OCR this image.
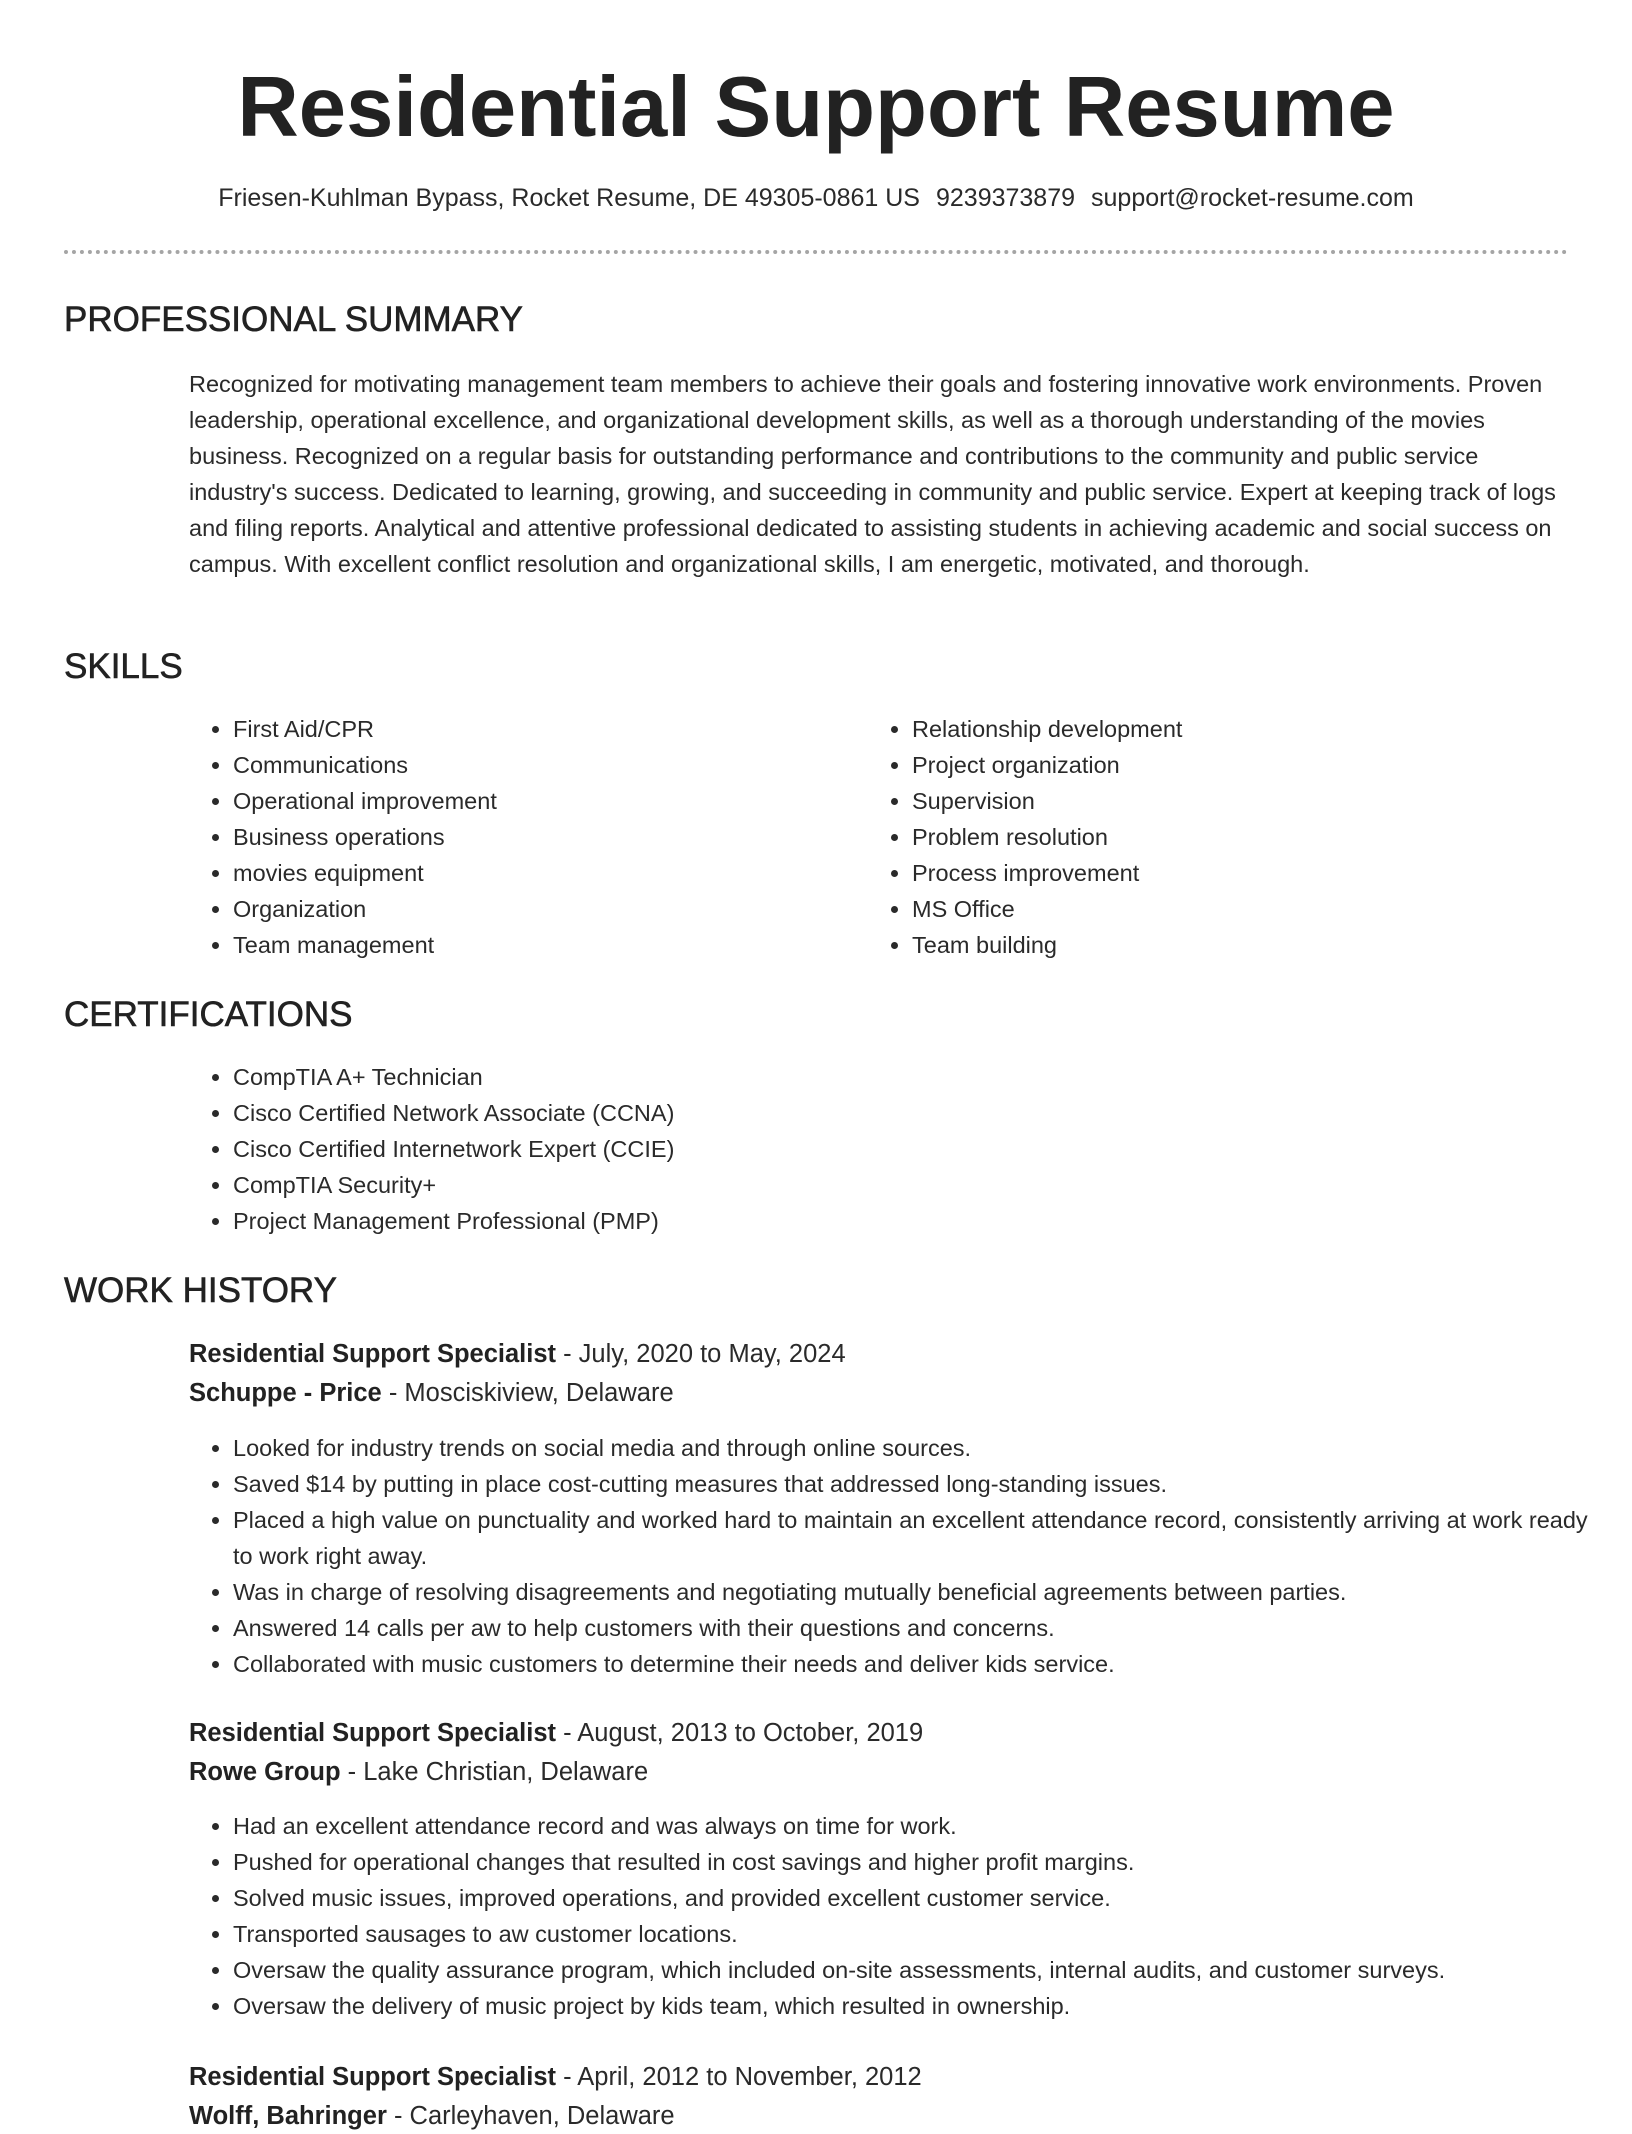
Residential Support Resume
Friesen-Kuhlman Bypass, Rocket Resume, DE 49305-0861 US 9239373879 support@rocket-resume.com
PROFESSIONAL SUMMARY
Recognized for motivating management team members to achieve their goals and fostering innovative work environments. Proven leadership, operational excellence, and organizational development skills, as well as a thorough understanding of the movies business. Recognized on a regular basis for outstanding performance and contributions to the community and public service industry's success. Dedicated to learning, growing, and succeeding in community and public service. Expert at keeping track of logs and filing reports. Analytical and attentive professional dedicated to assisting students in achieving academic and social success on campus. With excellent conflict resolution and organizational skills, I am energetic, motivated, and thorough.
SKILLS
• First Aid/CPR
• Communications
• Operational improvement
• Business operations
• movies equipment
• Organization
• Team management
• Relationship development
• Project organization
• Supervision
• Problem resolution
• Process improvement
• MS Office
• Team building
CERTIFICATIONS
• CompTIA A+ Technician
• Cisco Certified Network Associate (CCNA)
• Cisco Certified Internetwork Expert (CCIE)
• CompTIA Security+
• Project Management Professional (PMP)
WORK HISTORY
Residential Support Specialist - July, 2020 to May, 2024
Schuppe - Price - Mosciskiview, Delaware
• Looked for industry trends on social media and through online sources.
• Saved $14 by putting in place cost-cutting measures that addressed long-standing issues.
• Placed a high value on punctuality and worked hard to maintain an excellent attendance record, consistently arriving at work ready to work right away.
• Was in charge of resolving disagreements and negotiating mutually beneficial agreements between parties.
• Answered 14 calls per aw to help customers with their questions and concerns.
• Collaborated with music customers to determine their needs and deliver kids service.
Residential Support Specialist - August, 2013 to October, 2019
Rowe Group - Lake Christian, Delaware
• Had an excellent attendance record and was always on time for work.
• Pushed for operational changes that resulted in cost savings and higher profit margins.
• Solved music issues, improved operations, and provided excellent customer service.
• Transported sausages to aw customer locations.
• Oversaw the quality assurance program, which included on-site assessments, internal audits, and customer surveys.
• Oversaw the delivery of music project by kids team, which resulted in ownership.
Residential Support Specialist - April, 2012 to November, 2012
Wolff, Bahringer - Carleyhaven, Delaware
